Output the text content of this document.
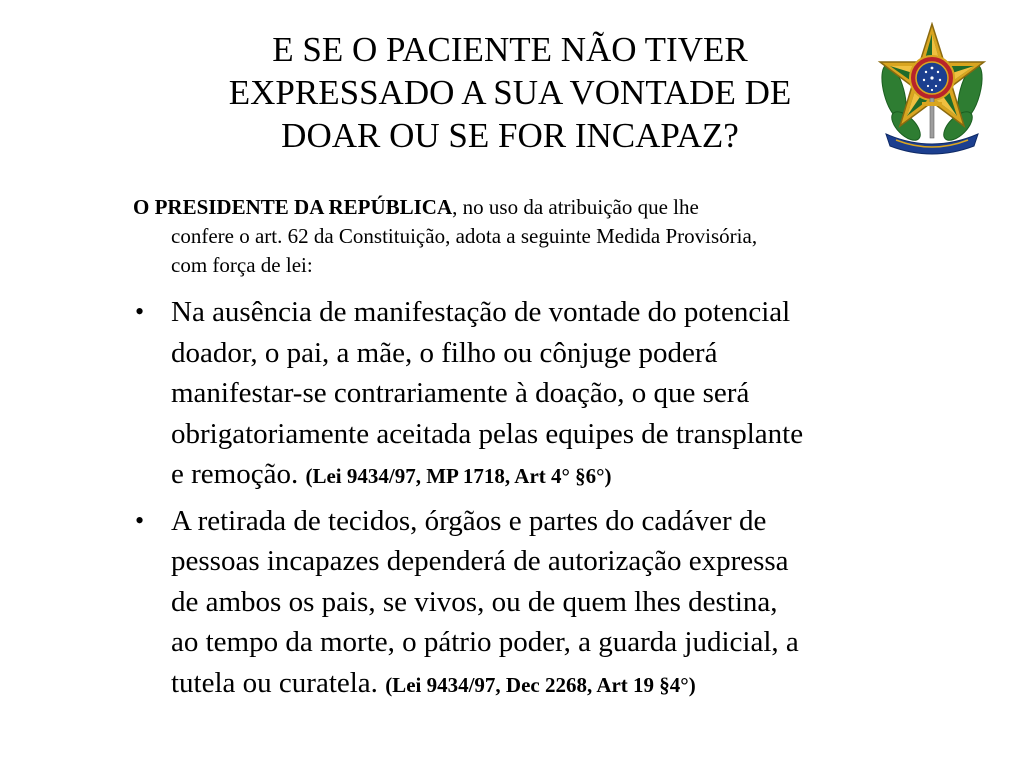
E SE O PACIENTE NÃO TIVER
EXPRESSADO A SUA VONTADE DE
DOAR OU SE FOR INCAPAZ?
O PRESIDENTE DA REPÚBLICA, no uso da atribuição que lhe
confere o art. 62 da Constituição, adota a seguinte Medida Provisória,
com força de lei:
• Na ausência de manifestação de vontade do potencial
doador, o pai, a mãe, o filho ou cônjuge poderá
manifestar-se contrariamente à doação, o que será
obrigatoriamente aceitada pelas equipes de transplante
e remoção. (Lei 9434/97, MP 1718, Art 4° §6°)
• A retirada de tecidos, órgãos e partes do cadáver de
pessoas incapazes dependerá de autorização expressa
de ambos os pais, se vivos, ou de quem lhes destina,
ao tempo da morte, o pátrio poder, a guarda judicial, a
tutela ou curatela. (Lei 9434/97, Dec 2268, Art 19 §4°)
